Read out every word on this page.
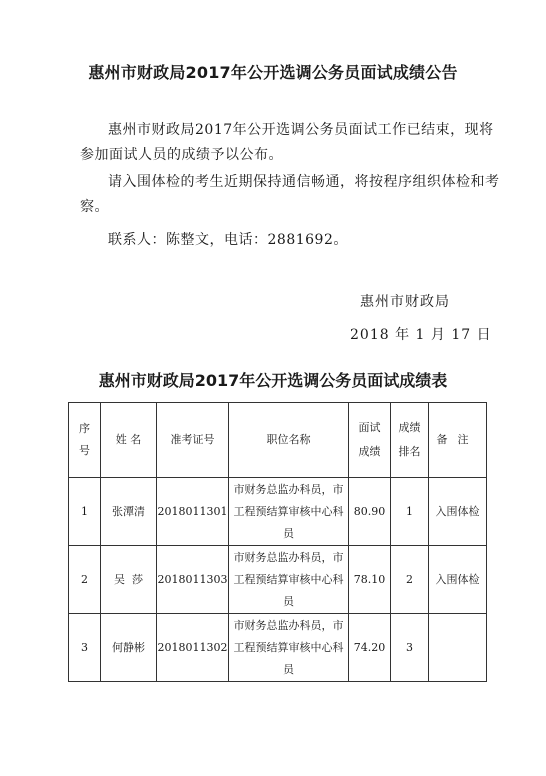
惠州市财政局2017年公开选调公务员面试成绩公告
惠州市财政局2017年公开选调公务员面试工作已结束，现将参加面试人员的成绩予以公布。
请入围体检的考生近期保持通信畅通，将按程序组织体检和考察。
联系人：陈整文，电话：2881692。
惠州市财政局
2018 年 1 月 17 日
惠州市财政局2017年公开选调公务员面试成绩表
序号	姓 名	准考证号	职位名称	面试成绩	成绩排名	备注
1	张潭清	2018011301	市财务总监办科员，市工程预结算审核中心科员	80.90	1	入围体检
2	吴  莎	2018011303	市财务总监办科员，市工程预结算审核中心科员	78.10	2	入围体检
3	何静彬	2018011302	市财务总监办科员，市工程预结算审核中心科员	74.20	3	
